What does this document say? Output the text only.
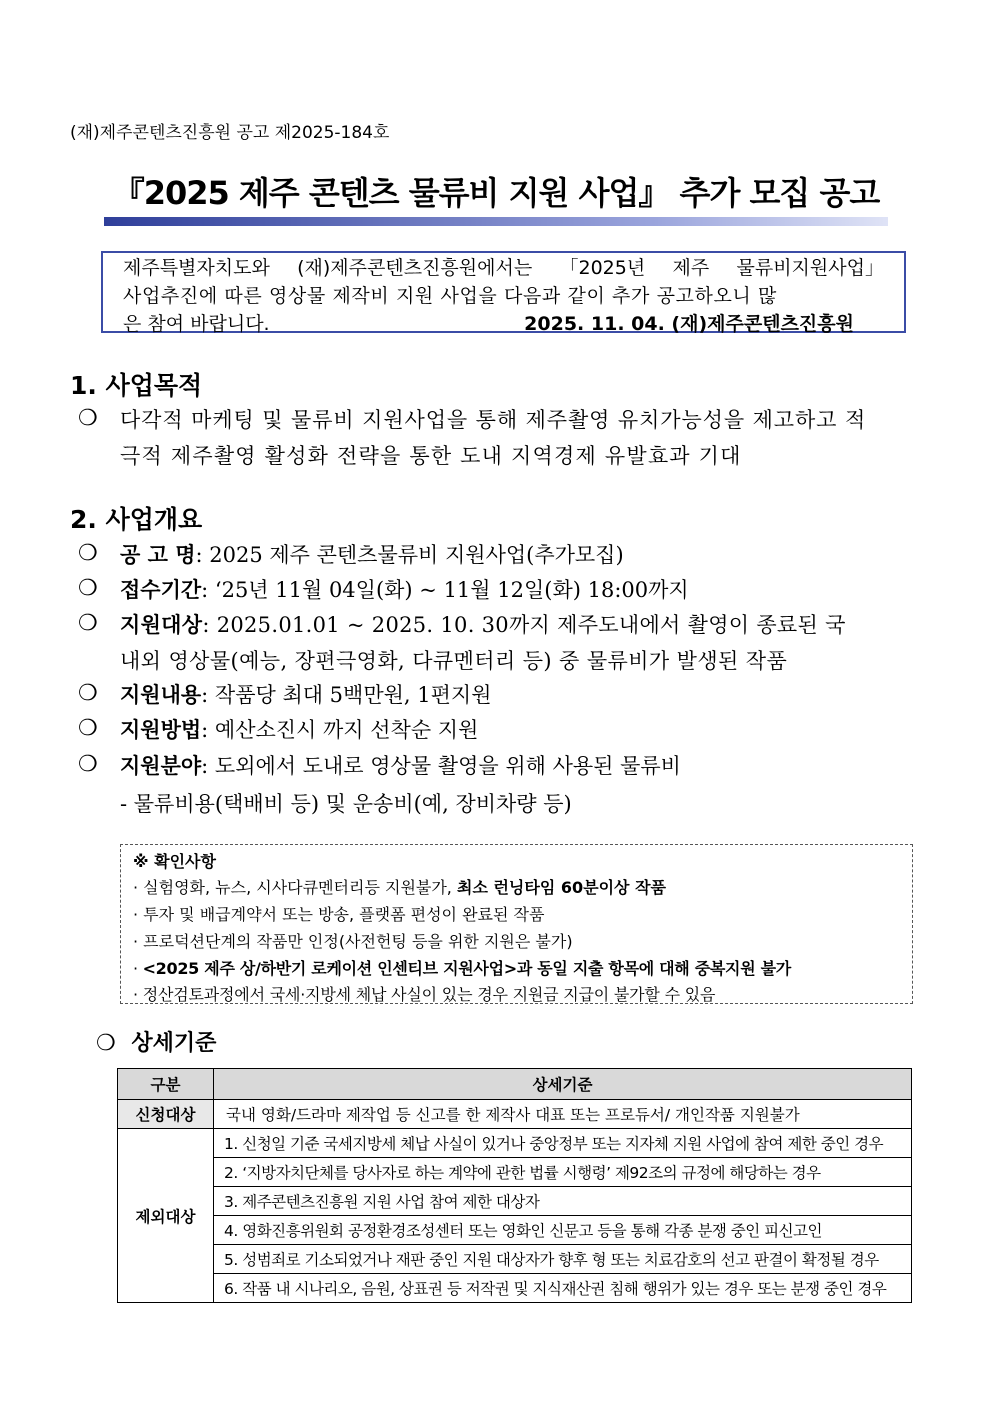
(재)제주콘텐츠진흥원 공고 제2025-184호
『2025 제주 콘텐츠 물류비 지원 사업』 추가 모집 공고
제주특별자치도와 (재)제주콘텐츠진흥원에서는 「2025년 제주 물류비지원사업」
사업추진에 따른 영상물 제작비 지원 사업을 다음과 같이 추가 공고하오니 많
은 참여 바랍니다.	2025. 11. 04. (재)제주콘텐츠진흥원
1. 사업목적
❍ 다각적 마케팅 및 물류비 지원사업을 통해 제주촬영 유치가능성을 제고하고 적
극적 제주촬영 활성화 전략을 통한 도내 지역경제 유발효과 기대
2. 사업개요
❍ 공 고 명: 2025 제주 콘텐츠물류비 지원사업(추가모집)
❍ 접수기간: ‘25년 11월 04일(화) ~ 11월 12일(화) 18:00까지
❍ 지원대상: 2025.01.01 ~ 2025. 10. 30까지 제주도내에서 촬영이 종료된 국
내외 영상물(예능, 장편극영화, 다큐멘터리 등) 중 물류비가 발생된 작품
❍ 지원내용: 작품당 최대 5백만원, 1편지원
❍ 지원방법: 예산소진시 까지 선착순 지원
❍ 지원분야: 도외에서 도내로 영상물 촬영을 위해 사용된 물류비
- 물류비용(택배비 등) 및 운송비(예, 장비차량 등)
※ 확인사항
· 실험영화, 뉴스, 시사다큐멘터리등 지원불가, 최소 런닝타임 60분이상 작품
· 투자 및 배급계약서 또는 방송, 플랫폼 편성이 완료된 작품
· 프로덕션단계의 작품만 인정(사전헌팅 등을 위한 지원은 불가)
· <2025 제주 상/하반기 로케이션 인센티브 지원사업>과 동일 지출 항목에 대해 중복지원 불가
· 정산검토과정에서 국세·지방세 체납 사실이 있는 경우 지원금 지급이 불가할 수 있음
❍ 상세기준
구분	상세기준
신청대상	국내 영화/드라마 제작업 등 신고를 한 제작사 대표 또는 프로듀서/ 개인작품 지원불가
제외대상	1. 신청일 기준 국세지방세 체납 사실이 있거나 중앙정부 또는 지자체 지원 사업에 참여 제한 중인 경우
	2. ‘지방자치단체를 당사자로 하는 계약에 관한 법률 시행령’ 제92조의 규정에 해당하는 경우
	3. 제주콘텐츠진흥원 지원 사업 참여 제한 대상자
	4. 영화진흥위원회 공정환경조성센터 또는 영화인 신문고 등을 통해 각종 분쟁 중인 피신고인
	5. 성범죄로 기소되었거나 재판 중인 지원 대상자가 향후 형 또는 치료감호의 선고 판결이 확정될 경우
	6. 작품 내 시나리오, 음원, 상표권 등 저작권 및 지식재산권 침해 행위가 있는 경우 또는 분쟁 중인 경우
